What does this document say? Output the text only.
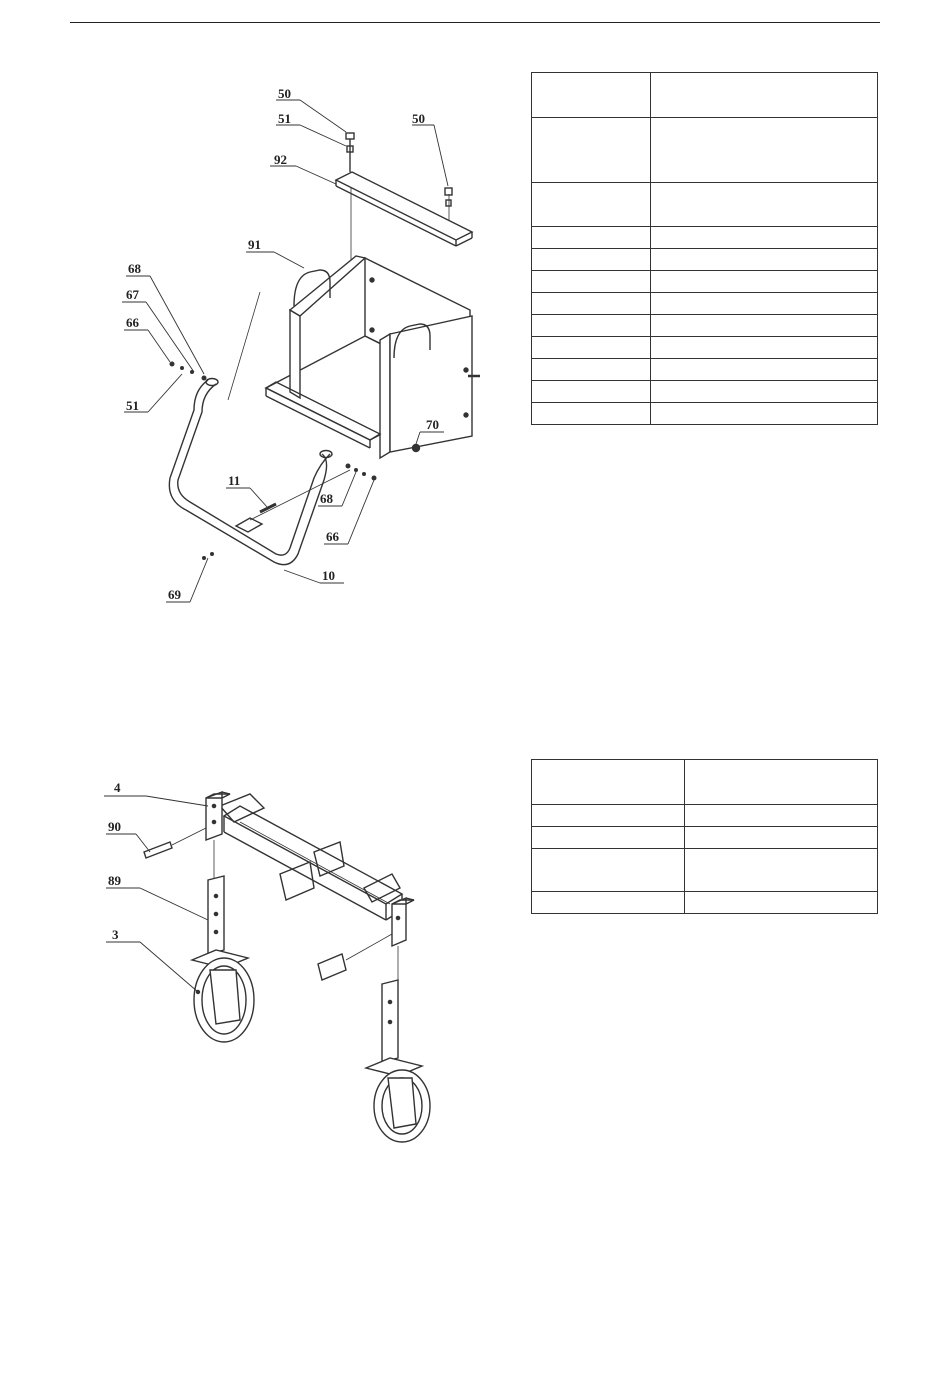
50
51
92
50
91
68
67
66
51
70
11
68
66
69
10

4
90
89
3
